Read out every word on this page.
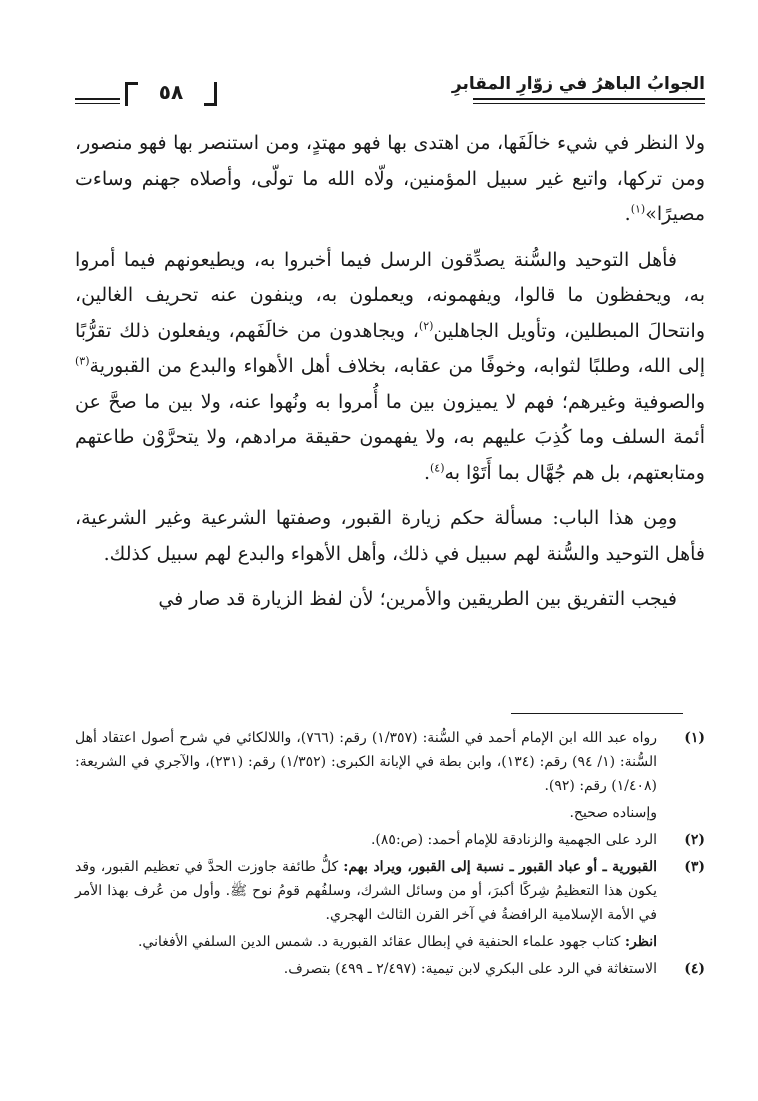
الجوابُ الباهرُ في زوّارِ المقابرِ
٥٨

ولا النظر في شيء خالَفَها، من اهتدى بها فهو مهتدٍ، ومن استنصر بها فهو منصور، ومن تركها، واتبع غير سبيل المؤمنين، ولّاه الله ما تولّى، وأصلاه جهنم وساءت مصيرًا»$^{(١)}$.

فأهل التوحيد والسُّنة يصدِّقون الرسل فيما أخبروا به، ويطيعونهم فيما أمروا به، ويحفظون ما قالوا، ويفهمونه، ويعملون به، وينفون عنه تحريف الغالين، وانتحالَ المبطلين، وتأويل الجاهلين$^{(٢)}$، ويجاهدون من خالَفَهم، ويفعلون ذلك تقرُّبًا إلى الله، وطلبًا لثوابه، وخوفًا من عقابه، بخلاف أهل الأهواء والبدع من القبورية$^{(٣)}$ والصوفية وغيرهم؛ فهم لا يميزون بين ما أُمروا به ونُهوا عنه، ولا بين ما صحَّ عن أئمة السلف وما كُذِبَ عليهم به، ولا يفهمون حقيقة مرادهم، ولا يتحرَّوْن طاعتهم ومتابعتهم، بل هم جُهَّال بما أَتَوْا به$^{(٤)}$.

ومِن هذا الباب: مسألة حكم زيارة القبور، وصفتها الشرعية وغير الشرعية، فأهل التوحيد والسُّنة لهم سبيل في ذلك، وأهل الأهواء والبدع لهم سبيل كذلك.

فيجب التفريق بين الطريقين والأمرين؛ لأن لفظ الزيارة قد صار في

(١)
رواه عبد الله ابن الإمام أحمد في السُّنة: (١/٣٥٧) رقم: (٧٦٦)، واللالكائي في شرح أصول اعتقاد أهل السُّنة: (١/ ٩٤) رقم: (١٣٤)، وابن بطة في الإبانة الكبرى: (١/٣٥٢) رقم: (٢٣١)، والآجري في الشريعة: (١/٤٠٨) رقم: (٩٢).
وإسناده صحيح.
(٢)
الرد على الجهمية والزنادقة للإمام أحمد: (ص:٨٥).
(٣)
القبورية ـ أو عباد القبور ـ نسبة إلى القبور، ويراد بهم: كلُّ طائفة جاوزت الحدَّ في تعظيم القبور، وقد يكون هذا التعظيمُ شِركًا أكبرَ، أو من وسائل الشرك، وسلفُهم قومُ نوح ﷺ. وأول من عُرف بهذا الأمر في الأمة الإسلامية الرافضةُ في آخر القرن الثالث الهجري.
انظر: كتاب جهود علماء الحنفية في إبطال عقائد القبورية د. شمس الدين السلفي الأفغاني.
(٤)
الاستغاثة في الرد على البكري لابن تيمية: (٢/٤٩٧ ـ ٤٩٩) بتصرف.
